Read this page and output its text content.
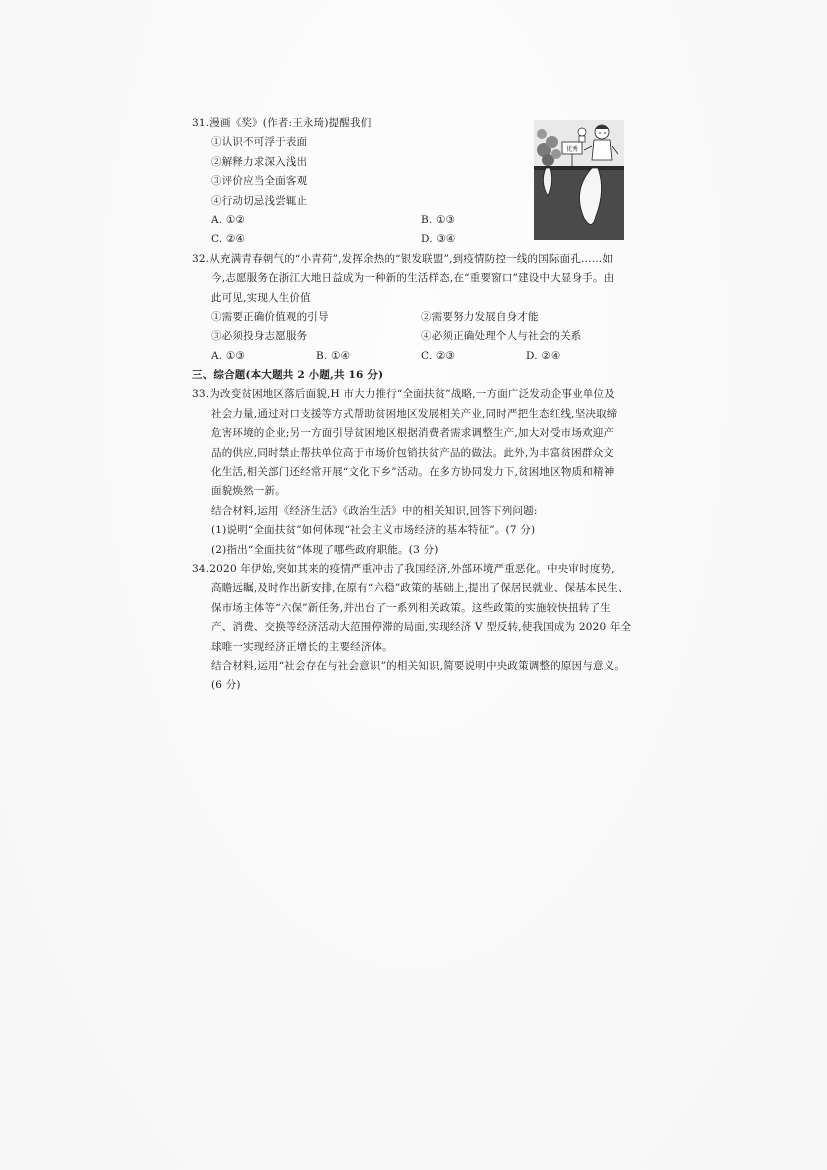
31.漫画《奖》(作者:王永琦)提醒我们
①认识不可浮于表面
②解释力求深入浅出
③评价应当全面客观
④行动切忌浅尝辄止
A. ①②	B. ①③
C. ②④	D. ③④
32.从充满青春朝气的“小青荷”,发挥余热的“银发联盟”,到疫情防控一线的国际面孔……如
今,志愿服务在浙江大地日益成为一种新的生活样态,在“重要窗口”建设中大显身手。由
此可见,实现人生价值
①需要正确价值观的引导	②需要努力发展自身才能
③必须投身志愿服务	④必须正确处理个人与社会的关系
A. ①③	B. ①④	C. ②③	D. ②④
三、综合题(本大题共 2 小题,共 16 分)
33.为改变贫困地区落后面貌,H 市大力推行“全面扶贫”战略,一方面广泛发动企事业单位及
社会力量,通过对口支援等方式帮助贫困地区发展相关产业,同时严把生态红线,坚决取缔
危害环境的企业;另一方面引导贫困地区根据消费者需求调整生产,加大对受市场欢迎产
品的供应,同时禁止帮扶单位高于市场价包销扶贫产品的做法。此外,为丰富贫困群众文
化生活,相关部门还经常开展“文化下乡”活动。在多方协同发力下,贫困地区物质和精神
面貌焕然一新。
结合材料,运用《经济生活》《政治生活》中的相关知识,回答下列问题:
(1)说明“全面扶贫”如何体现“社会主义市场经济的基本特征”。(7 分)
(2)指出“全面扶贫”体现了哪些政府职能。(3 分)
34.2020 年伊始,突如其来的疫情严重冲击了我国经济,外部环境严重恶化。中央审时度势,
高瞻远瞩,及时作出新安排,在原有“六稳”政策的基础上,提出了保居民就业、保基本民生、
保市场主体等“六保”新任务,并出台了一系列相关政策。这些政策的实施较快扭转了生
产、消费、交换等经济活动大范围停滞的局面,实现经济 V 型反转,使我国成为 2020 年全
球唯一实现经济正增长的主要经济体。
结合材料,运用“社会存在与社会意识”的相关知识,简要说明中央政策调整的原因与意义。
(6 分)
优秀
